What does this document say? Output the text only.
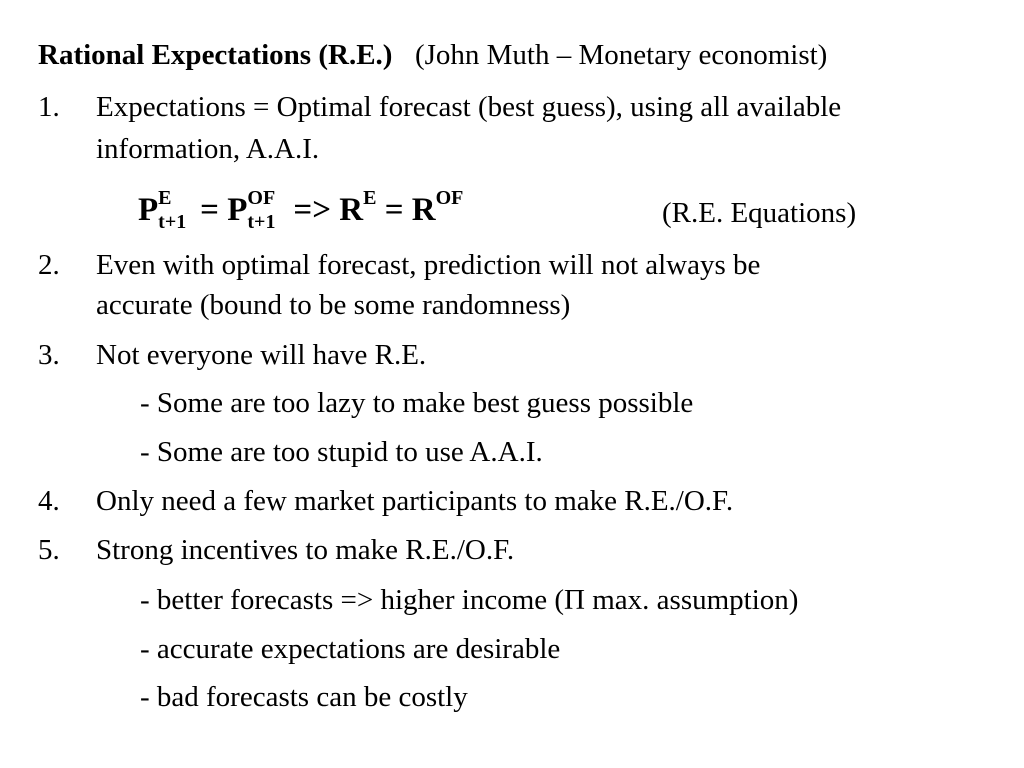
Rational Expectations (R.E.) (John Muth – Monetary economist)
1. Expectations = Optimal forecast (best guess), using all available
information, A.A.I.
P E
t+1 = P OF
$t+1 => R^E = R^{OF}$	(R.E. Equations)
2. Even with optimal forecast, prediction will not always be
accurate (bound to be some randomness)
3. Not everyone will have R.E.
- Some are too lazy to make best guess possible
- Some are too stupid to use A.A.I.
4. Only need a few market participants to make R.E./O.F.
5. Strong incentives to make R.E./O.F.
- better forecasts => higher income (Π max. assumption)
- accurate expectations are desirable
- bad forecasts can be costly
